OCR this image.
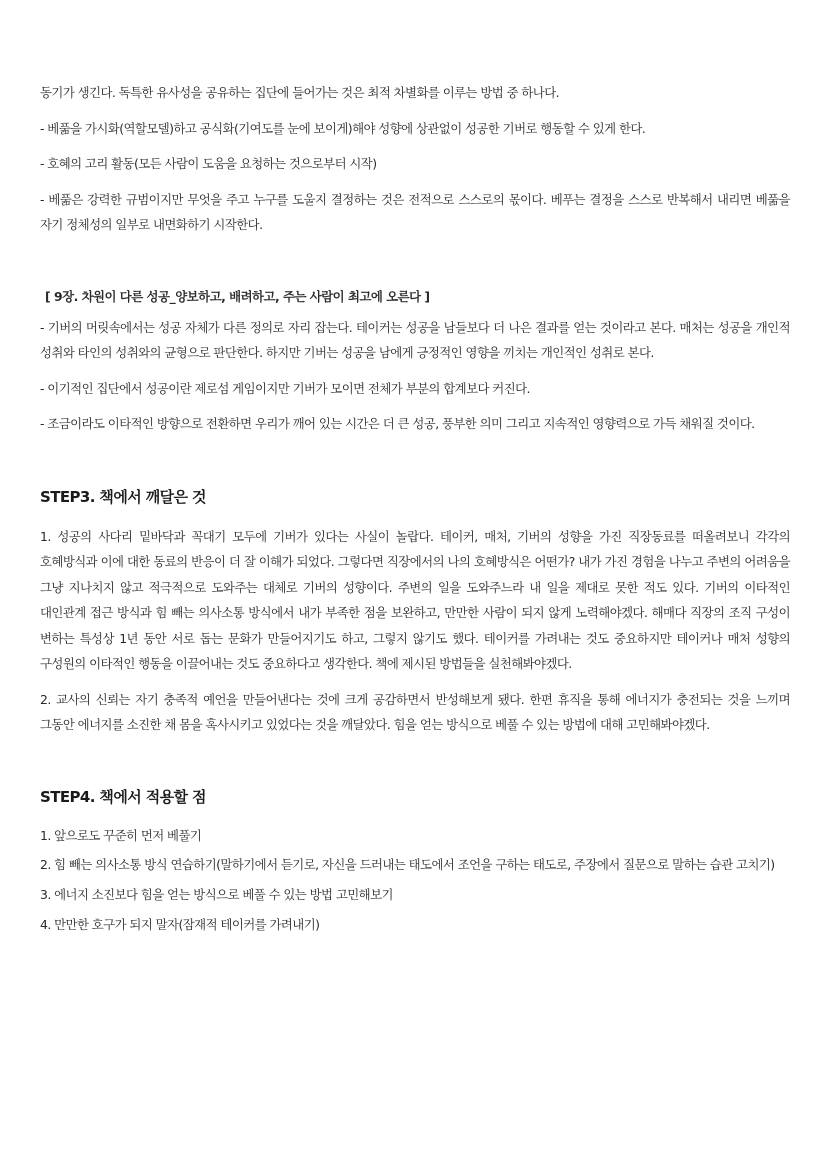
동기가 생긴다. 독특한 유사성을 공유하는 집단에 들어가는 것은 최적 차별화를 이루는 방법 중 하나다.

- 베풂을 가시화(역할모델)하고 공식화(기여도를 눈에 보이게)해야 성향에 상관없이 성공한 기버로 행동할 수 있게 한다.

- 호혜의 고리 활동(모든 사람이 도움을 요청하는 것으로부터 시작)

- 베풂은 강력한 규범이지만 무엇을 주고 누구를 도울지 결정하는 것은 전적으로 스스로의 몫이다. 베푸는 결정을 스스로 반복해서 내리면 베풂을 자기 정체성의 일부로 내면화하기 시작한다.

[ 9장. 차원이 다른 성공_양보하고, 배려하고, 주는 사람이 최고에 오른다 ]

- 기버의 머릿속에서는 성공 자체가 다른 정의로 자리 잡는다. 테이커는 성공을 남들보다 더 나은 결과를 얻는 것이라고 본다. 매처는 성공을 개인적 성취와 타인의 성취와의 균형으로 판단한다. 하지만 기버는 성공을 남에게 긍정적인 영향을 끼치는 개인적인 성취로 본다.

- 이기적인 집단에서 성공이란 제로섬 게임이지만 기버가 모이면 전체가 부분의 합계보다 커진다.

- 조금이라도 이타적인 방향으로 전환하면 우리가 깨어 있는 시간은 더 큰 성공, 풍부한 의미 그리고 지속적인 영향력으로 가득 채워질 것이다.

STEP3. 책에서 깨달은 것

1. 성공의 사다리 밑바닥과 꼭대기 모두에 기버가 있다는 사실이 놀랍다. 테이커, 매처, 기버의 성향을 가진 직장동료를 떠올려보니 각각의 호혜방식과 이에 대한 동료의 반응이 더 잘 이해가 되었다. 그렇다면 직장에서의 나의 호혜방식은 어떤가? 내가 가진 경험을 나누고 주변의 어려움을 그냥 지나치지 않고 적극적으로 도와주는 대체로 기버의 성향이다. 주변의 일을 도와주느라 내 일을 제대로 못한 적도 있다. 기버의 이타적인 대인관계 접근 방식과 힘 빼는 의사소통 방식에서 내가 부족한 점을 보완하고, 만만한 사람이 되지 않게 노력해야겠다. 해매다 직장의 조직 구성이 변하는 특성상 1년 동안 서로 돕는 문화가 만들어지기도 하고, 그렇지 않기도 했다. 테이커를 가려내는 것도 중요하지만 테이커나 매처 성향의 구성원의 이타적인 행동을 이끌어내는 것도 중요하다고 생각한다. 책에 제시된 방법들을 실천해봐야겠다.

2. 교사의 신뢰는 자기 충족적 예언을 만들어낸다는 것에 크게 공감하면서 반성해보게 됐다. 한편 휴직을 통해 에너지가 충전되는 것을 느끼며 그동안 에너지를 소진한 채 몸을 혹사시키고 있었다는 것을 깨달았다. 힘을 얻는 방식으로 베풀 수 있는 방법에 대해 고민해봐야겠다.

STEP4. 책에서 적용할 점

1. 앞으로도 꾸준히 먼저 베풀기

2. 힘 빼는 의사소통 방식 연습하기(말하기에서 듣기로, 자신을 드러내는 태도에서 조언을 구하는 태도로, 주장에서 질문으로 말하는 습관 고치기)

3. 에너지 소진보다 힘을 얻는 방식으로 베풀 수 있는 방법 고민해보기

4. 만만한 호구가 되지 말자(잠재적 테이커를 가려내기)
